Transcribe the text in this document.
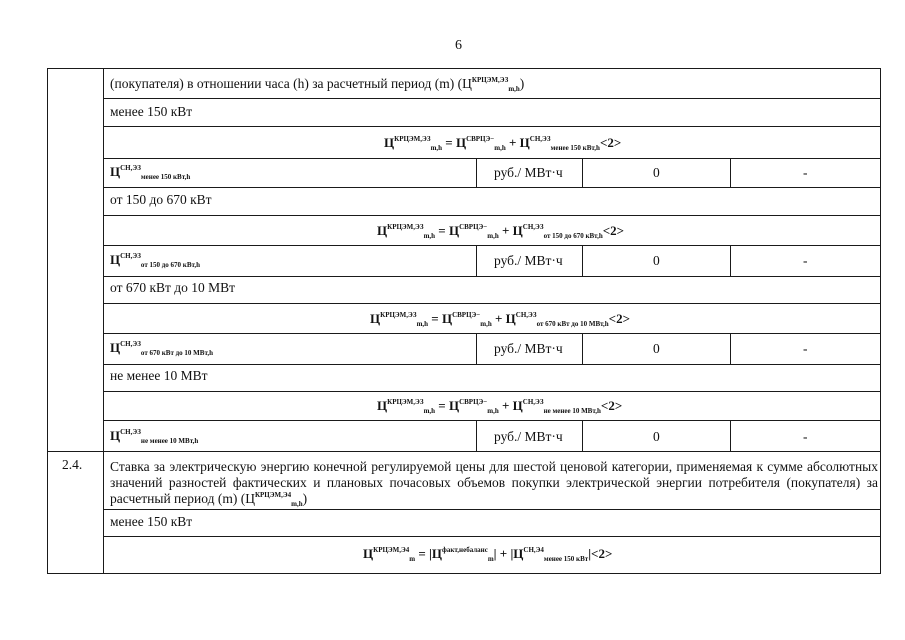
6
(покупателя) в отношении часа (h) за расчетный период (m) $(Ц^{КРЦЭМ,ЭЗ}_{m,h})$
менее 150 кВт
$Ц^{КРЦЭМ,ЭЗ}_{m,h} = Ц^{СВРЦЭ-}_{m,h} + Ц^{СН,ЭЗ}_{менее 150 кВт,h}<2>$
$Ц^{СН,ЭЗ}_{менее 150 кВт,h}$	руб./ МВт·ч	0	-
от 150 до 670 кВт
$Ц^{КРЦЭМ,ЭЗ}_{m,h} = Ц^{СВРЦЭ-}_{m,h} + Ц^{СН,ЭЗ}_{от 150 до 670 кВт,h}<2>$
$Ц^{СН,ЭЗ}_{от 150 до 670 кВт,h}$	руб./ МВт·ч	0	-
от 670 кВт до 10 МВт
$Ц^{КРЦЭМ,ЭЗ}_{m,h} = Ц^{СВРЦЭ-}_{m,h} + Ц^{СН,ЭЗ}_{от 670 кВт до 10 МВт,h}<2>$
$Ц^{СН,ЭЗ}_{от 670 кВт до 10 МВт,h}$	руб./ МВт·ч	0	-
не менее 10 МВт
$Ц^{КРЦЭМ,ЭЗ}_{m,h} = Ц^{СВРЦЭ-}_{m,h} + Ц^{СН,ЭЗ}_{не менее 10 МВт,h}<2>$
$Ц^{СН,ЭЗ}_{не менее 10 МВт,h}$	руб./ МВт·ч	0	-
2.4. Ставка за электрическую энергию конечной регулируемой цены для шестой ценовой категории, применяемая к сумме абсолютных значений разностей фактических и плановых почасовых объемов покупки электрической энергии потребителя (покупателя) за расчетный период (m) $(Ц^{КРЦЭМ,Э4}_{m,h})$
менее 150 кВт
$Ц^{КРЦЭМ,Э4}_m = |Ц^{факт,небаланс}_m| + |Ц^{СН,Э4}_{менее 150 кВт}|<2>$
